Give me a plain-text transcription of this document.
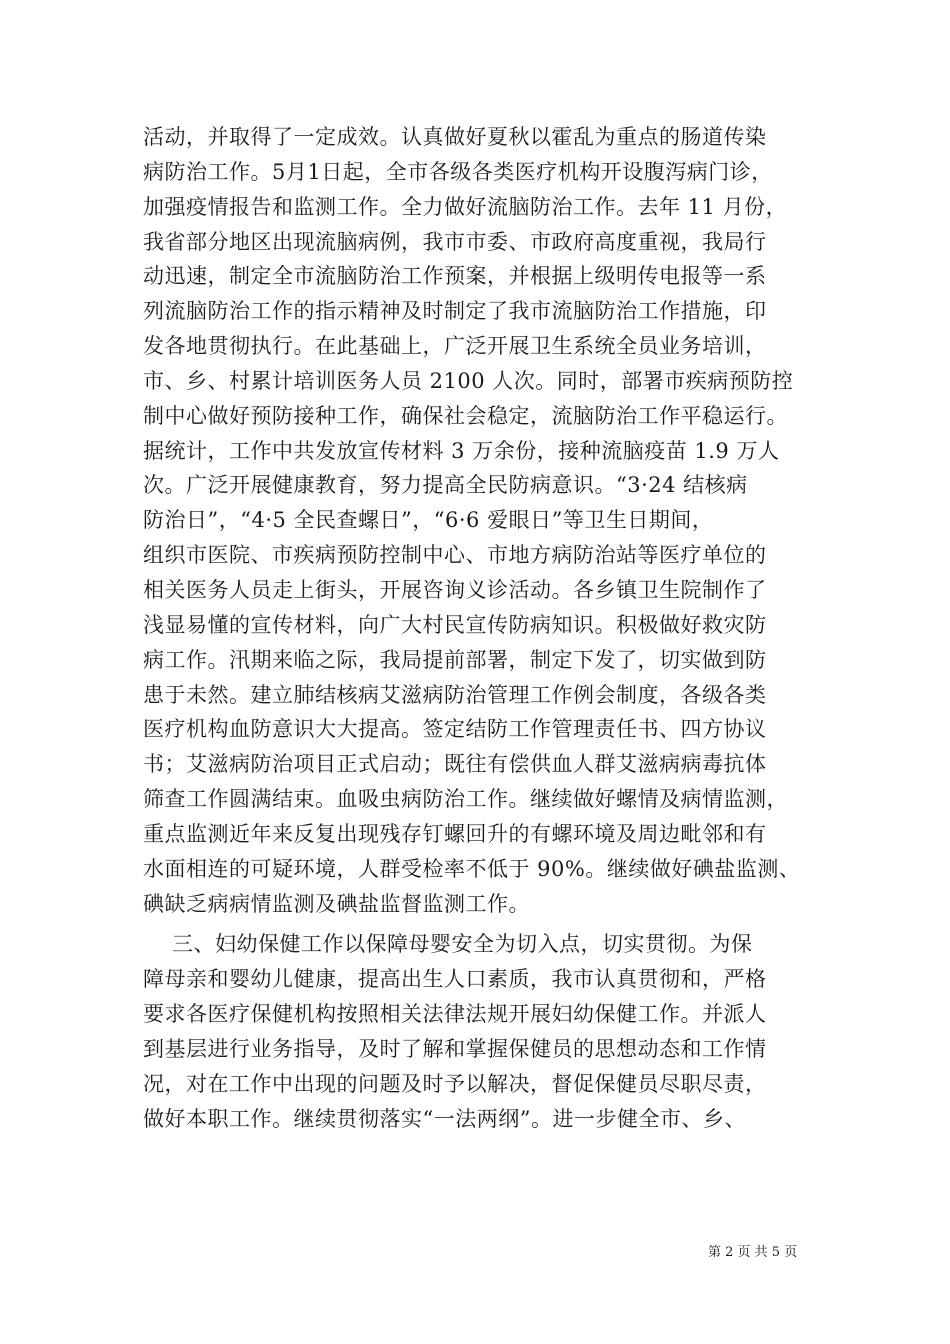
活动，并取得了一定成效。认真做好夏秋以霍乱为重点的肠道传染
病防治工作。5月1日起，全市各级各类医疗机构开设腹泻病门诊，
加强疫情报告和监测工作。全力做好流脑防治工作。去年 11 月份，
我省部分地区出现流脑病例，我市市委、市政府高度重视，我局行
动迅速，制定全市流脑防治工作预案，并根据上级明传电报等一系
列流脑防治工作的指示精神及时制定了我市流脑防治工作措施，印
发各地贯彻执行。在此基础上，广泛开展卫生系统全员业务培训，
市、乡、村累计培训医务人员 2100 人次。同时，部署市疾病预防控
制中心做好预防接种工作，确保社会稳定，流脑防治工作平稳运行。
据统计，工作中共发放宣传材料 3 万余份，接种流脑疫苗 1.9 万人
次。广泛开展健康教育，努力提高全民防病意识。“3·24 结核病
防治日”，“4·5 全民查螺日”，“6·6 爱眼日”等卫生日期间，
组织市医院、市疾病预防控制中心、市地方病防治站等医疗单位的
相关医务人员走上街头，开展咨询义诊活动。各乡镇卫生院制作了
浅显易懂的宣传材料，向广大村民宣传防病知识。积极做好救灾防
病工作。汛期来临之际，我局提前部署，制定下发了，切实做到防
患于未然。建立肺结核病艾滋病防治管理工作例会制度，各级各类
医疗机构血防意识大大提高。签定结防工作管理责任书、四方协议
书；艾滋病防治项目正式启动；既往有偿供血人群艾滋病病毒抗体
筛查工作圆满结束。血吸虫病防治工作。继续做好螺情及病情监测，
重点监测近年来反复出现残存钉螺回升的有螺环境及周边毗邻和有
水面相连的可疑环境，人群受检率不低于 90%。继续做好碘盐监测、
碘缺乏病病情监测及碘盐监督监测工作。
三、妇幼保健工作以保障母婴安全为切入点，切实贯彻。为保
障母亲和婴幼儿健康，提高出生人口素质，我市认真贯彻和，严格
要求各医疗保健机构按照相关法律法规开展妇幼保健工作。并派人
到基层进行业务指导，及时了解和掌握保健员的思想动态和工作情
况，对在工作中出现的问题及时予以解决，督促保健员尽职尽责，
做好本职工作。继续贯彻落实“一法两纲”。进一步健全市、乡、
第 2 页 共 5 页
